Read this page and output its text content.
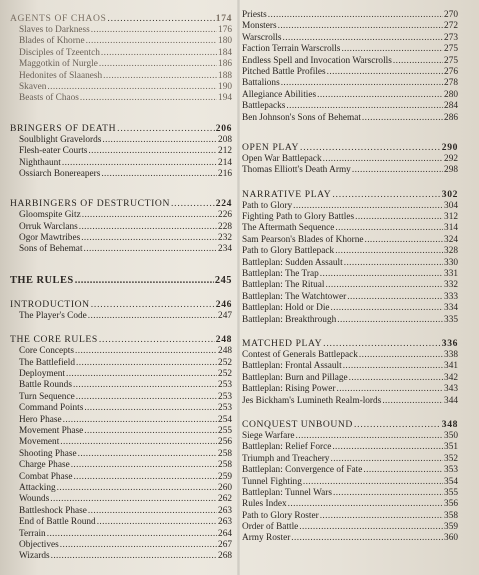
AGENTS OF CHAOS .....	174
Slaves to Darkness .....	176
Blades of Khorne .....	180
Disciples of Tzeentch .....	184
Maggotkin of Nurgle .....	186
Hedonites of Slaanesh .....	188
Skaven .....	190
Beasts of Chaos .....	194
BRINGERS OF DEATH .....	206
Soulblight Gravelords .....	208
Flesh-eater Courts .....	212
Nighthaunt .....	214
Ossiarch Bonereapers .....	216
HARBINGERS OF DESTRUCTION .....	224
Gloomspite Gitz .....	226
Orruk Warclans .....	228
Ogor Mawtribes .....	232
Sons of Behemat .....	234
THE RULES .....	245
INTRODUCTION .....	246
The Player's Code .....	247
THE CORE RULES .....	248
Core Concepts .....	248
The Battlefield .....	252
Deployment .....	252
Battle Rounds .....	253
Turn Sequence .....	253
Command Points .....	253
Hero Phase .....	254
Movement Phase .....	255
Movement .....	256
Shooting Phase .....	258
Charge Phase .....	258
Combat Phase .....	259
Attacking .....	260
Wounds .....	262
Battleshock Phase .....	263
End of Battle Round .....	263
Terrain .....	264
Objectives .....	267
Wizards .....	268
Priests .....	270
Monsters .....	272
Warscrolls .....	273
Faction Terrain Warscrolls .....	275
Endless Spell and Invocation Warscrolls .....	275
Pitched Battle Profiles .....	276
Battalions .....	278
Allegiance Abilities .....	280
Battlepacks .....	284
Ben Johnson's Sons of Behemat .....	286
OPEN PLAY .....	290
Open War Battlepack .....	292
Thomas Elliott's Death Army .....	298
NARRATIVE PLAY .....	302
Path to Glory .....	304
Fighting Path to Glory Battles .....	312
The Aftermath Sequence .....	314
Sam Pearson's Blades of Khorne .....	324
Path to Glory Battlepack .....	328
Battleplan: Sudden Assault .....	330
Battleplan: The Trap .....	331
Battleplan: The Ritual .....	332
Battleplan: The Watchtower .....	333
Battleplan: Hold or Die .....	334
Battleplan: Breakthrough .....	335
MATCHED PLAY .....	336
Contest of Generals Battlepack .....	338
Battleplan: Frontal Assault .....	341
Battleplan: Burn and Pillage .....	342
Battleplan: Rising Power .....	343
Jes Bickham's Lumineth Realm-lords .....	344
CONQUEST UNBOUND .....	348
Siege Warfare .....	350
Battleplan: Relief Force .....	351
Triumph and Treachery .....	352
Battleplan: Convergence of Fate .....	353
Tunnel Fighting .....	354
Battleplan: Tunnel Wars .....	355
Rules Index .....	356
Path to Glory Roster .....	358
Order of Battle .....	359
Army Roster .....	360
